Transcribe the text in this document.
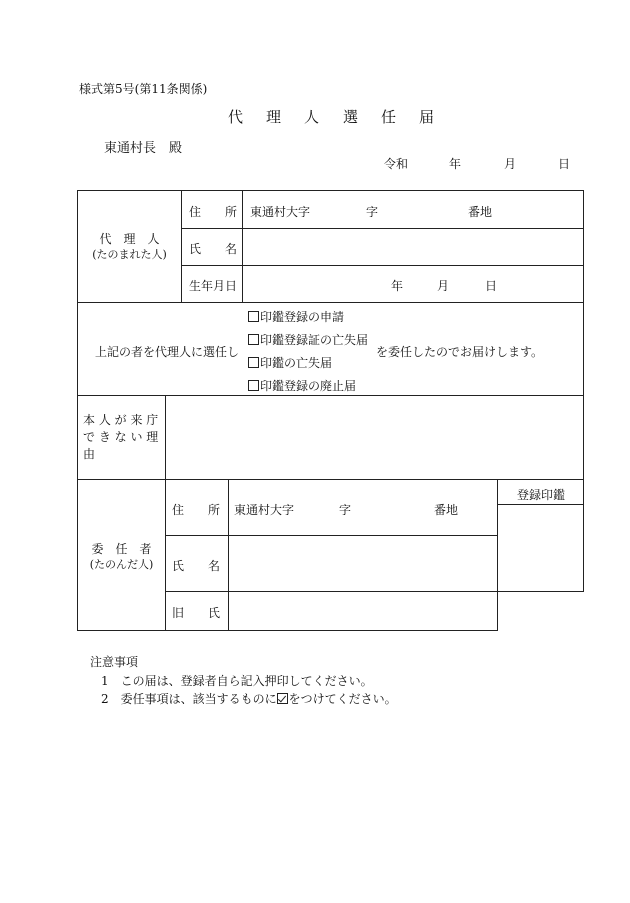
様式第5号(第11条関係)
代 理 人 選 任 届
東通村長　殿
令和	年	月	日
代　理　人
(たのまれた人)
住　　所 東通村大字	字	番地
氏　　名
生年月日	年	月	日
上記の者を代理人に選任し
印鑑登録の申請
印鑑登録証の亡失届
印鑑の亡失届
印鑑登録の廃止届
を委任したのでお届けします。
本 人 が 来 庁
で き な い 理
由
委　任　者
(たのんだ人)
住　　所 東通村大字	字	番地
氏　　名
旧　　氏
登録印鑑
注意事項
1 この届は、登録者自ら記入押印してください。
2 委任事項は、該当するものに をつけてください。
